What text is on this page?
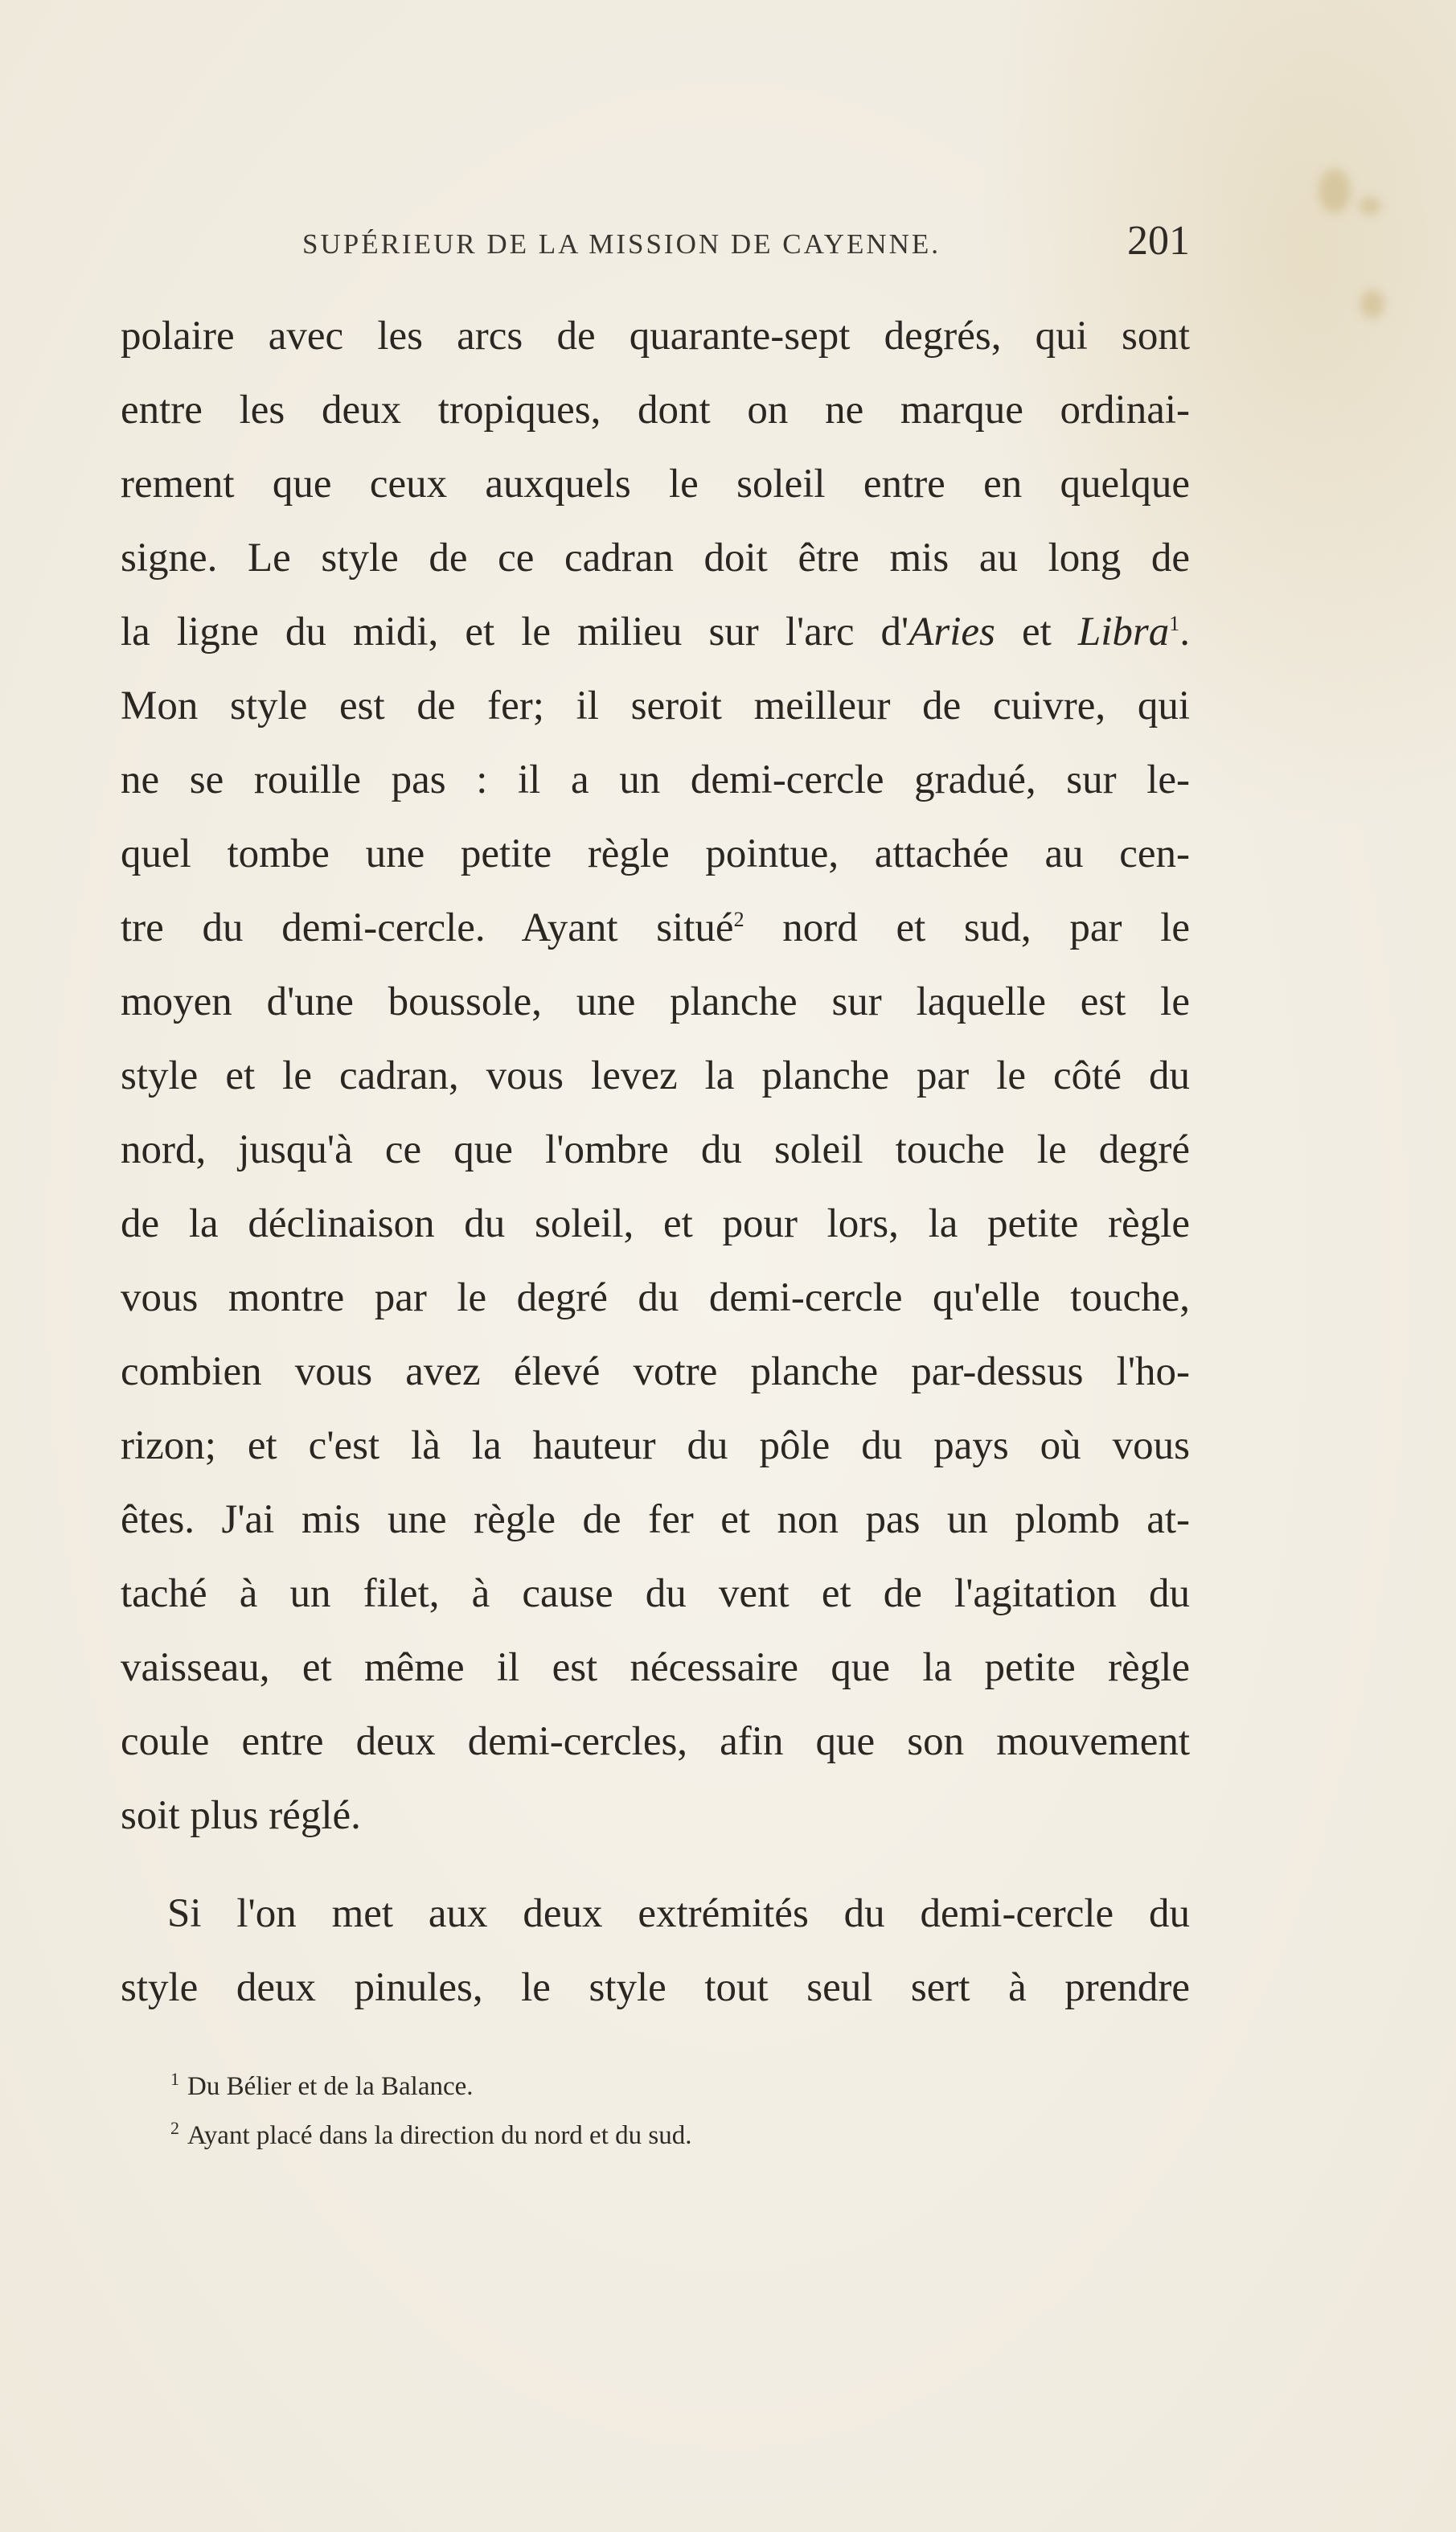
SUPÉRIEUR DE LA MISSION DE CAYENNE.	201
polaire avec les arcs de quarante-sept degrés, qui sont
entre les deux tropiques, dont on ne marque ordinai-
rement que ceux auxquels le soleil entre en quelque
signe. Le style de ce cadran doit être mis au long de
la ligne du midi, et le milieu sur l'arc d'Aries et Libra$^1$.
Mon style est de fer; il seroit meilleur de cuivre, qui
ne se rouille pas : il a un demi-cercle gradué, sur le-
quel tombe une petite règle pointue, attachée au cen-
tre du demi-cercle. Ayant situé$^2$ nord et sud, par le
moyen d'une boussole, une planche sur laquelle est le
style et le cadran, vous levez la planche par le côté du
nord, jusqu'à ce que l'ombre du soleil touche le degré
de la déclinaison du soleil, et pour lors, la petite règle
vous montre par le degré du demi-cercle qu'elle touche,
combien vous avez élevé votre planche par-dessus l'ho-
rizon; et c'est là la hauteur du pôle du pays où vous
êtes. J'ai mis une règle de fer et non pas un plomb at-
taché à un filet, à cause du vent et de l'agitation du
vaisseau, et même il est nécessaire que la petite règle
coule entre deux demi-cercles, afin que son mouvement
soit plus réglé.
Si l'on met aux deux extrémités du demi-cercle du
style deux pinules, le style tout seul sert à prendre
$^1$ Du Bélier et de la Balance.
$^2$ Ayant placé dans la direction du nord et du sud.
